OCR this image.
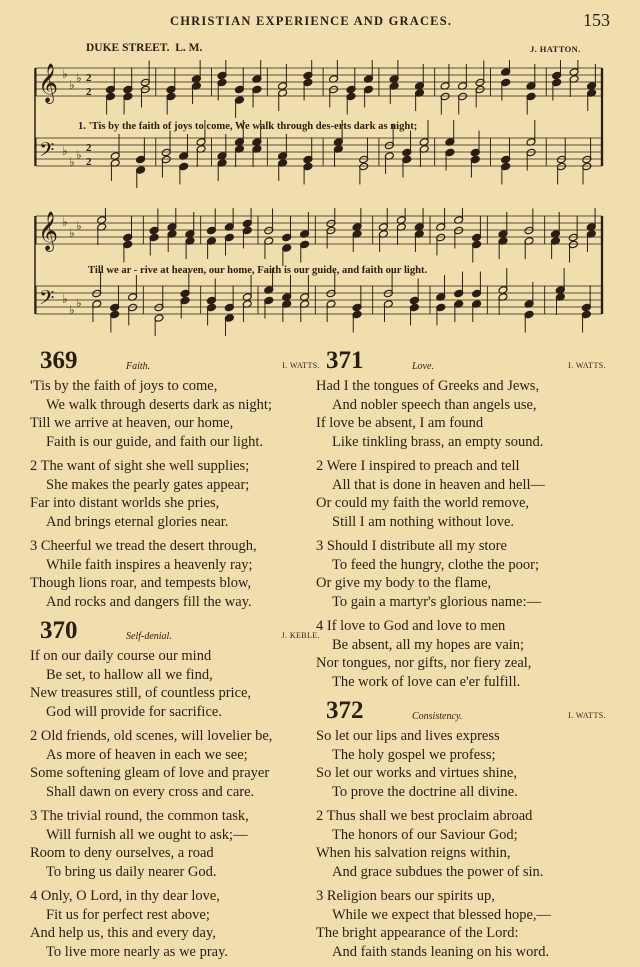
CHRISTIAN EXPERIENCE AND GRACES.	153
DUKE STREET. L. M.	J. HATTON.
𝄞 ♭
♭ ♭ 2
2
𝄢 ♭
♭ ♭ 2
2
1. 'Tis by the faith of joys to come, We walk through des-erts dark as night;
𝄞 ♭
♭ ♭
𝄢 ♭
♭ ♭
Till we ar - rive at heaven, our home, Faith is our guide, and faith our light.
369	Faith.	I. WATTS.
'Tis by the faith of joys to come,
We walk through deserts dark as night;
Till we arrive at heaven, our home,
Faith is our guide, and faith our light.
2 The want of sight she well supplies;
She makes the pearly gates appear;
Far into distant worlds she pries,
And brings eternal glories near.
3 Cheerful we tread the desert through,
While faith inspires a heavenly ray;
Though lions roar, and tempests blow,
And rocks and dangers fill the way.
370	Self-denial.	J. KEBLE.
If on our daily course our mind
Be set, to hallow all we find,
New treasures still, of countless price,
God will provide for sacrifice.
2 Old friends, old scenes, will lovelier be,
As more of heaven in each we see;
Some softening gleam of love and prayer
Shall dawn on every cross and care.
3 The trivial round, the common task,
Will furnish all we ought to ask;—
Room to deny ourselves, a road
To bring us daily nearer God.
4 Only, O Lord, in thy dear love,
Fit us for perfect rest above;
And help us, this and every day,
To live more nearly as we pray.
371	Love.	I. WATTS.
Had I the tongues of Greeks and Jews,
And nobler speech than angels use,
If love be absent, I am found
Like tinkling brass, an empty sound.
2 Were I inspired to preach and tell
All that is done in heaven and hell—
Or could my faith the world remove,
Still I am nothing without love.
3 Should I distribute all my store
To feed the hungry, clothe the poor;
Or give my body to the flame,
To gain a martyr's glorious name:—
4 If love to God and love to men
Be absent, all my hopes are vain;
Nor tongues, nor gifts, nor fiery zeal,
The work of love can e'er fulfill.
372	Consistency.	I. WATTS.
So let our lips and lives express
The holy gospel we profess;
So let our works and virtues shine,
To prove the doctrine all divine.
2 Thus shall we best proclaim abroad
The honors of our Saviour God;
When his salvation reigns within,
And grace subdues the power of sin.
3 Religion bears our spirits up,
While we expect that blessed hope,—
The bright appearance of the Lord:
And faith stands leaning on his word.
